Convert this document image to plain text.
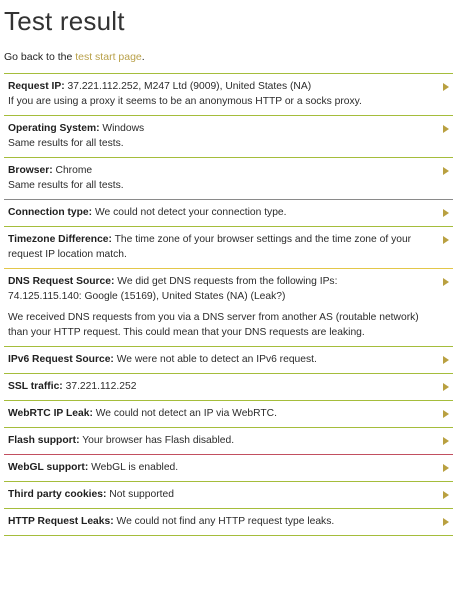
Test result
Go back to the test start page.
Request IP: 37.221.112.252, M247 Ltd (9009), United States (NA)
If you are using a proxy it seems to be an anonymous HTTP or a socks proxy.
Operating System: Windows
Same results for all tests.
Browser: Chrome
Same results for all tests.
Connection type: We could not detect your connection type.
Timezone Difference: The time zone of your browser settings and the time zone of your request IP location match.
DNS Request Source: We did get DNS requests from the following IPs:
74.125.115.140: Google (15169), United States (NA) (Leak?)
We received DNS requests from you via a DNS server from another AS (routable network) than your HTTP request. This could mean that your DNS requests are leaking.
IPv6 Request Source: We were not able to detect an IPv6 request.
SSL traffic: 37.221.112.252
WebRTC IP Leak: We could not detect an IP via WebRTC.
Flash support: Your browser has Flash disabled.
WebGL support: WebGL is enabled.
Third party cookies: Not supported
HTTP Request Leaks: We could not find any HTTP request type leaks.
